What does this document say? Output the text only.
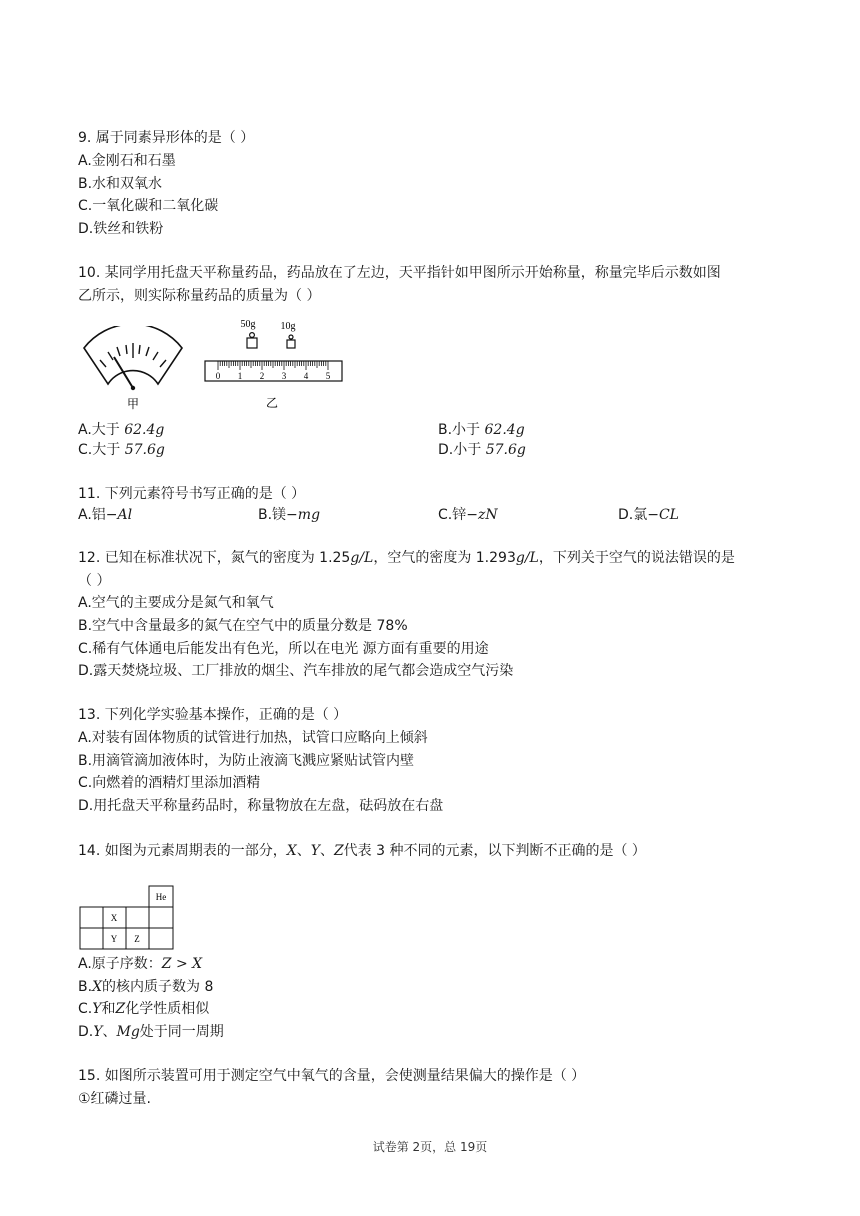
9. 属于同素异形体的是（ ）
A.金刚石和石墨
B.水和双氧水
C.一氧化碳和二氧化碳
D.铁丝和铁粉
10. 某同学用托盘天平称量药品，药品放在了左边，天平指针如甲图所示开始称量，称量完毕后示数如图
乙所示，则实际称量药品的质量为（ ）
甲
50g	10g
0 1 2 3 4 5
乙
A.大于 62.4g	B.小于 62.4g
C.大于 57.6g	D.小于 57.6g
11. 下列元素符号书写正确的是（ ）
A.铝−Al	B.镁−mg	C.锌−zN	D.氯−CL
12. 已知在标准状况下，氮气的密度为 1.25g/L，空气的密度为 1.293g/L，下列关于空气的说法错误的是
（ ）
A.空气的主要成分是氮气和氧气
B.空气中含量最多的氮气在空气中的质量分数是 78%
C.稀有气体通电后能发出有色光，所以在电光 源方面有重要的用途
D.露天焚烧垃圾、工厂排放的烟尘、汽车排放的尾气都会造成空气污染
13. 下列化学实验基本操作，正确的是（ ）
A.对装有固体物质的试管进行加热，试管口应略向上倾斜
B.用滴管滴加液体时，为防止液滴飞溅应紧贴试管内壁
C.向燃着的酒精灯里添加酒精
D.用托盘天平称量药品时，称量物放在左盘，砝码放在右盘
14. 如图为元素周期表的一部分，X、Y、Z代表 3 种不同的元素，以下判断不正确的是（ ）
He
X
Y Z
A.原子序数：Z > X
B.X的核内质子数为 8
C.Y和Z化学性质相似
D.Y、Mg处于同一周期
15. 如图所示装置可用于测定空气中氧气的含量，会使测量结果偏大的操作是（ ）
①红磷过量.
试卷第 2页，总 19页
